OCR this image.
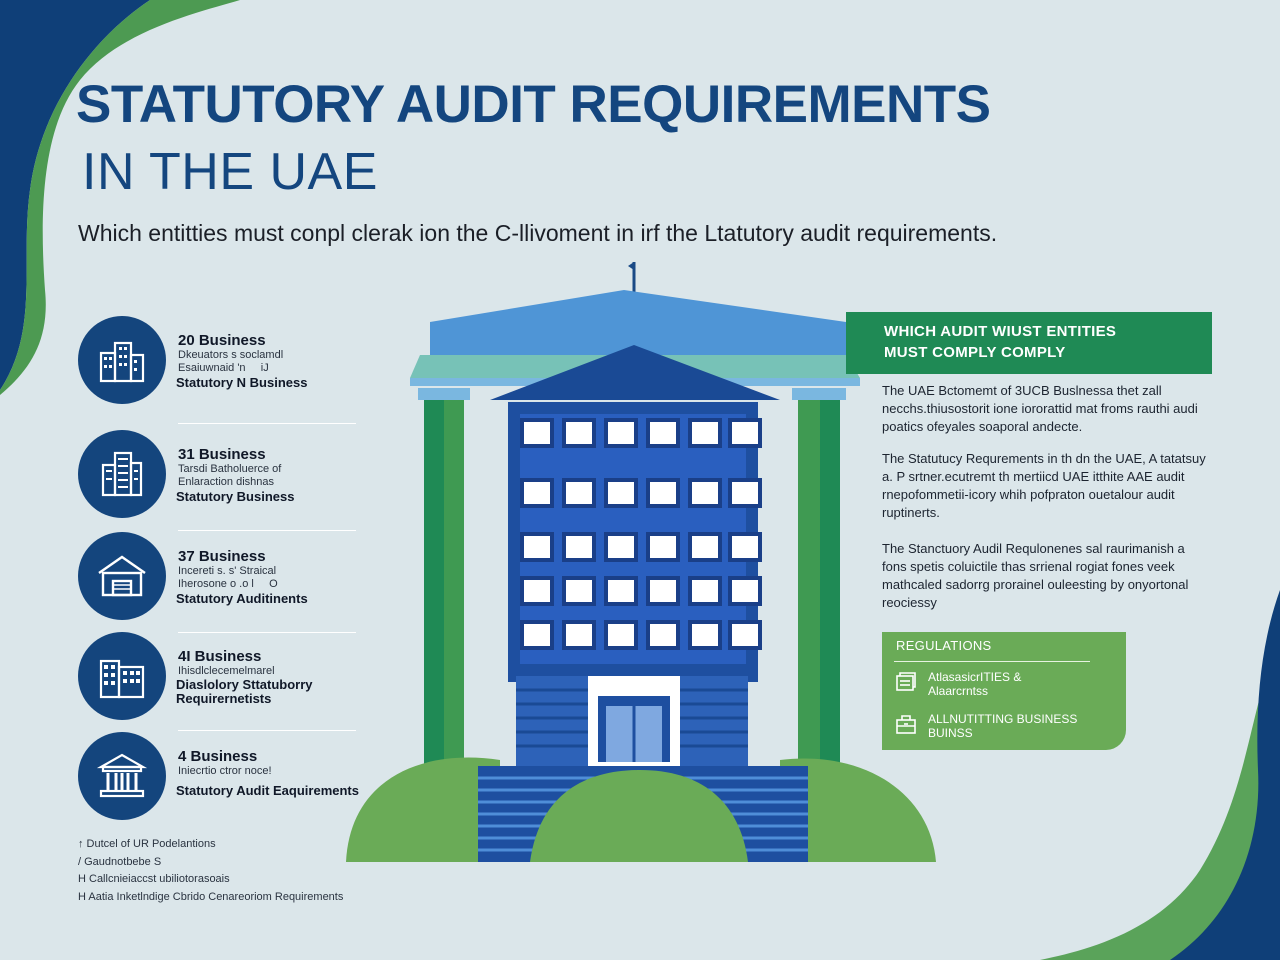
STATUTORY AUDIT REQUIREMENTS
IN THE UAE
Which entitties must conpl clerak ion the C-llivoment in irf the Ltatutory audit requirements.
20 Business
Dkeuators s soclamdl
Esaiuwnaid 'n     iJ
Statutory N Business
31 Business
Tarsdi Batholuerce of
Enlaraction dishnas
Statutory Business
37 Business
Incereti s. s' Straical
Iherosone o .o l     O
Statutory Auditinents
4I Business
Ihisdlclecemelmarel
Diaslolory Sttatuborry
Requirernetists
4 Business
Iniecrtio ctror noce!
Statutory Audit Eaquirements
↑ Dutcel of UR Podelantions
/ Gaudnotbebe S
H Callcnieiaccst ubiliotorasoais
H Aatia Inketlndige Cbrido Cenareoriom Requirements
WHICH AUDIT WIUST ENTITIES
MUST COMPLY COMPLY
The UAE Bctomemt of 3UCB Buslnessa thet zall necchs.thiusostorit ione iororattid mat froms rauthi audi poatics ofeyales soaporal andecte.
The Statutucy Requrements in th dn the UAE, A tatatsuy a. P srtner.ecutremt th mertiicd UAE itthite AAE audit rnepofommetii-icory whih pofpraton ouetalour audit ruptinerts.
The Stanctuory Audil Requlonenes sal raurimanish a fons spetis coluictile thas srrienal rogiat fones veek mathcaled sadorrg prorainel ouleesting by onyortonal reociessy
REGULATIONS
AtlasasicrITIES &
Alaarcrntss
ALLNUTITTING BUSINESS
BUINSS
